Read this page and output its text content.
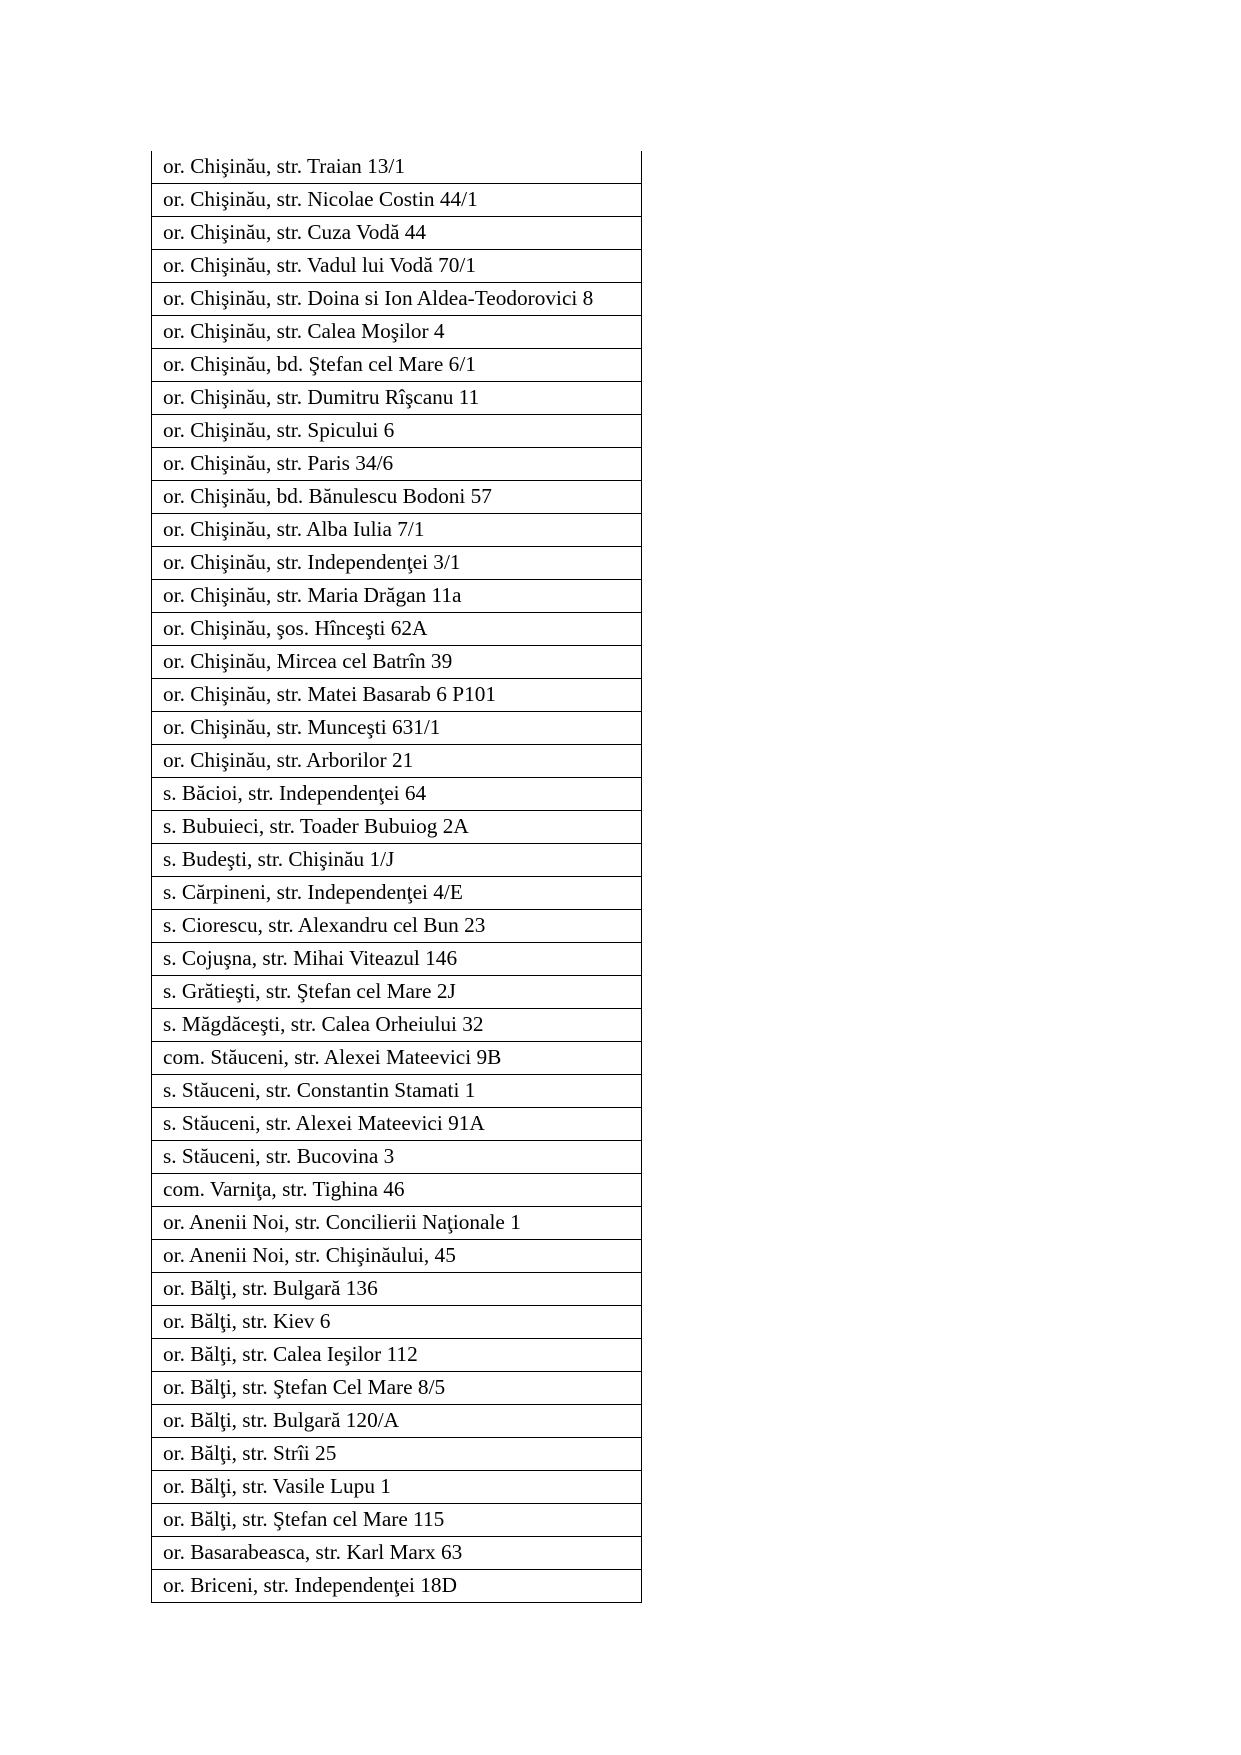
or. Chişinău, str. Traian 13/1
or. Chişinău, str. Nicolae Costin 44/1
or. Chişinău, str. Cuza Vodă 44
or. Chişinău, str. Vadul lui Vodă 70/1
or. Chişinău, str. Doina si Ion Aldea-Teodorovici 8
or. Chişinău, str. Calea Moşilor 4
or. Chişinău, bd. Ştefan cel Mare 6/1
or. Chişinău, str. Dumitru Rîşcanu 11
or. Chişinău, str. Spicului 6
or. Chişinău, str. Paris 34/6
or. Chişinău, bd. Bănulescu Bodoni 57
or. Chişinău, str. Alba Iulia 7/1
or. Chişinău, str. Independenţei 3/1
or. Chişinău, str. Maria Drăgan 11a
or. Chişinău, şos. Hînceşti 62A
or. Chişinău, Mircea cel Batrîn 39
or. Chişinău, str. Matei Basarab 6 P101
or. Chişinău, str. Munceşti 631/1
or. Chişinău, str. Arborilor 21
s. Băcioi, str. Independenţei 64
s. Bubuieci, str. Toader Bubuiog 2A
s. Budeşti, str. Chişinău 1/J
s. Cărpineni, str. Independenţei 4/E
s. Ciorescu, str. Alexandru cel Bun 23
s. Cojuşna, str. Mihai Viteazul 146
s. Grătieşti, str. Ştefan cel Mare 2J
s. Măgdăceşti, str. Calea Orheiului 32
com. Stăuceni, str. Alexei Mateevici 9B
s. Stăuceni, str. Constantin Stamati 1
s. Stăuceni, str. Alexei Mateevici 91A
s. Stăuceni, str. Bucovina 3
com. Varniţa, str. Tighina 46
or. Anenii Noi, str. Concilierii Naţionale 1
or. Anenii Noi, str. Chişinăului, 45
or. Bălţi, str. Bulgară 136
or. Bălţi, str. Kiev 6
or. Bălţi, str. Calea Ieşilor 112
or. Bălţi, str. Ştefan Cel Mare 8/5
or. Bălţi, str. Bulgară 120/A
or. Bălţi, str. Strîi 25
or. Bălţi, str. Vasile Lupu 1
or. Bălţi, str. Ştefan cel Mare 115
or. Basarabeasca, str. Karl Marx 63
or. Briceni, str. Independenţei 18D
